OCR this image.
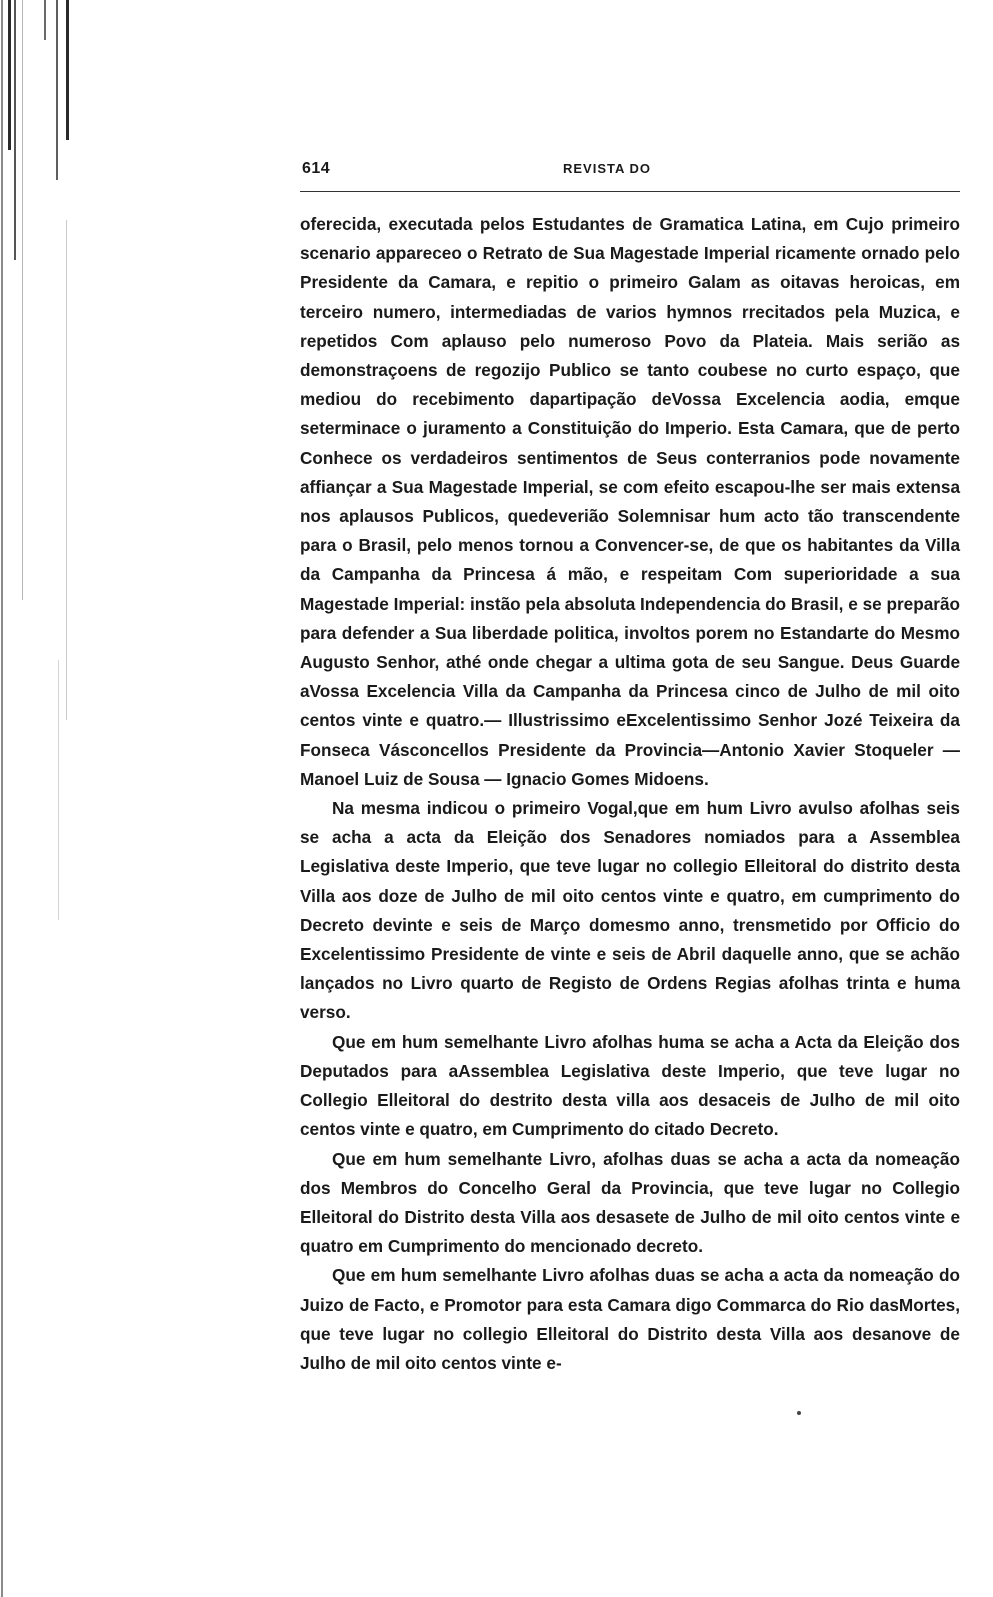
614	REVISTA DO

oferecida, executada pelos Estudantes de Gramatica Latina, em Cujo primeiro scenario appareceo o Retrato de Sua Magestade Imperial ricamente ornado pelo Presidente da Camara, e repitio o primeiro Galam as oitavas heroicas, em terceiro numero, intermediadas de varios hymnos rrecitados pela Muzica, e repetidos Com aplauso pelo numeroso Povo da Plateia. Mais serião as demonstraçoens de regozijo Publico se tanto coubese no curto espaço, que mediou do recebimento dapartipação deVossa Excelencia aodia, emque seterminace o juramento a Constituição do Imperio. Esta Camara, que de perto Conhece os verdadeiros sentimentos de Seus conterranios pode novamente affiançar a Sua Magestade Imperial, se com efeito escapou-lhe ser mais extensa nos aplausos Publicos, quedeverião Solemnisar hum acto tão transcendente para o Brasil, pelo menos tornou a Convencer-se, de que os habitantes da Villa da Campanha da Princesa á mão, e respeitam Com superioridade a sua Magestade Imperial: instão pela absoluta Independencia do Brasil, e se preparão para defender a Sua liberdade politica, involtos porem no Estandarte do Mesmo Augusto Senhor, athé onde chegar a ultima gota de seu Sangue. Deus Guarde aVossa Excelencia Villa da Campanha da Princesa cinco de Julho de mil oito centos vinte e quatro.— Illustrissimo eExcelentissimo Senhor Jozé Teixeira da Fonseca Vásconcellos Presidente da Provincia—Antonio Xavier Stoqueler — Manoel Luiz de Sousa — Ignacio Gomes Midoens.

Na mesma indicou o primeiro Vogal,que em hum Livro avulso afolhas seis se acha a acta da Eleição dos Senadores nomiados para a Assemblea Legislativa deste Imperio, que teve lugar no collegio Elleitoral do distrito desta Villa aos doze de Julho de mil oito centos vinte e quatro, em cumprimento do Decreto devinte e seis de Março domesmo anno, trensmetido por Officio do Excelentissimo Presidente de vinte e seis de Abril daquelle anno, que se achão lançados no Livro quarto de Registo de Ordens Regias afolhas trinta e huma verso.

Que em hum semelhante Livro afolhas huma se acha a Acta da Eleição dos Deputados para aAssemblea Legislativa deste Imperio, que teve lugar no Collegio Elleitoral do destrito desta villa aos desaceis de Julho de mil oito centos vinte e quatro, em Cumprimento do citado Decreto.

Que em hum semelhante Livro, afolhas duas se acha a acta da nomeação dos Membros do Concelho Geral da Provincia, que teve lugar no Collegio Elleitoral do Distrito desta Villa aos desasete de Julho de mil oito centos vinte e quatro em Cumprimento do mencionado decreto.

Que em hum semelhante Livro afolhas duas se acha a acta da nomeação do Juizo de Facto, e Promotor para esta Camara digo Commarca do Rio dasMortes, que teve lugar no collegio Elleitoral do Distrito desta Villa aos desanove de Julho de mil oito centos vinte e-
